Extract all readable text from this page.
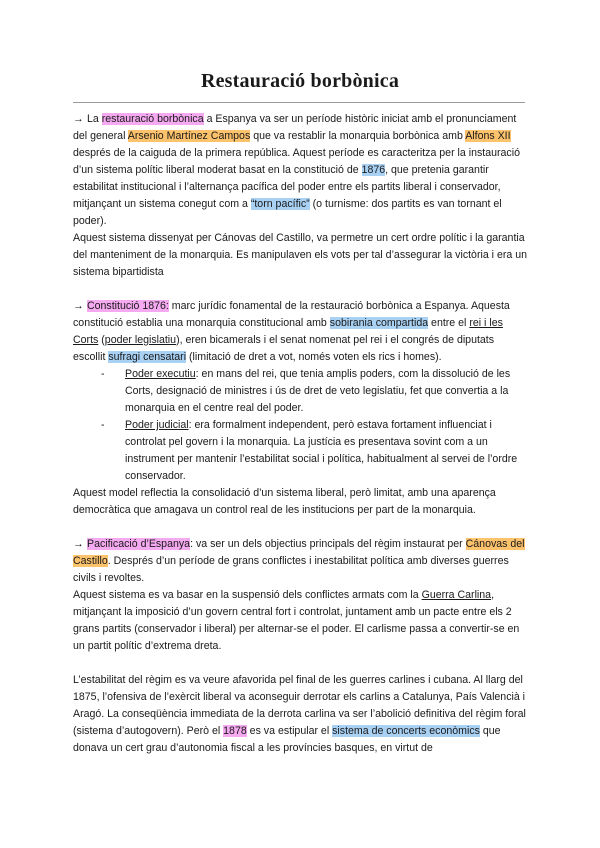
Restauració borbònica

→ La restauració borbònica a Espanya va ser un període històric iniciat amb el pronunciament del general Arsenio Martínez Campos que va restablir la monarquia borbònica amb Alfons XII després de la caiguda de la primera república. Aquest període es caracteritza per la instauració d’un sistema polític liberal moderat basat en la constitució de 1876, que pretenia garantir estabilitat institucional i l’alternança pacífica del poder entre els partits liberal i conservador, mitjançant un sistema conegut com a “torn pacífic” (o turnisme: dos partits es van tornant el poder).

Aquest sistema dissenyat per Cánovas del Castillo, va permetre un cert ordre polític i la garantia del manteniment de la monarquia. Es manipulaven els vots per tal d’assegurar la victòria i era un sistema bipartidista

→ Constitució 1876: marc jurídic fonamental de la restauració borbònica a Espanya. Aquesta constitució establia una monarquia constitucional amb sobirania compartida entre el rei i les Corts (poder legislatiu), eren bicamerals i el senat nomenat pel rei i el congrés de diputats escollit sufragi censatari (limitació de dret a vot, només voten els rics i homes).

- Poder executiu: en mans del rei, que tenia amplis poders, com la dissolució de les Corts, designació de ministres i ús de dret de veto legislatiu, fet que convertia a la monarquia en el centre real del poder.
- Poder judicial: era formalment independent, però estava fortament influenciat i controlat pel govern i la monarquia. La justícia es presentava sovint com a un instrument per mantenir l’estabilitat social i política, habitualment al servei de l’ordre conservador.

Aquest model reflectia la consolidació d’un sistema liberal, però limitat, amb una aparença democràtica que amagava un control real de les institucions per part de la monarquia.

→ Pacificació d’Espanya: va ser un dels objectius principals del règim instaurat per Cánovas del Castillo. Després d’un període de grans conflictes i inestabilitat política amb diverses guerres civils i revoltes.

Aquest sistema es va basar en la suspensió dels conflictes armats com la Guerra Carlina, mitjançant la imposició d’un govern central fort i controlat, juntament amb un pacte entre els 2 grans partits (conservador i liberal) per alternar-se el poder. El carlisme passa a convertir-se en un partit polític d’extrema dreta.

L’estabilitat del règim es va veure afavorida pel final de les guerres carlines i cubana. Al llarg del 1875, l’ofensiva de l’exèrcit liberal va aconseguir derrotar els carlins a Catalunya, País Valencià i Aragó. La conseqüència immediata de la derrota carlina va ser l’abolició definitiva del règim foral (sistema d’autogovern). Però el 1878 es va estipular el sistema de concerts econòmics que donava un cert grau d’autonomia fiscal a les províncies basques, en virtut de
